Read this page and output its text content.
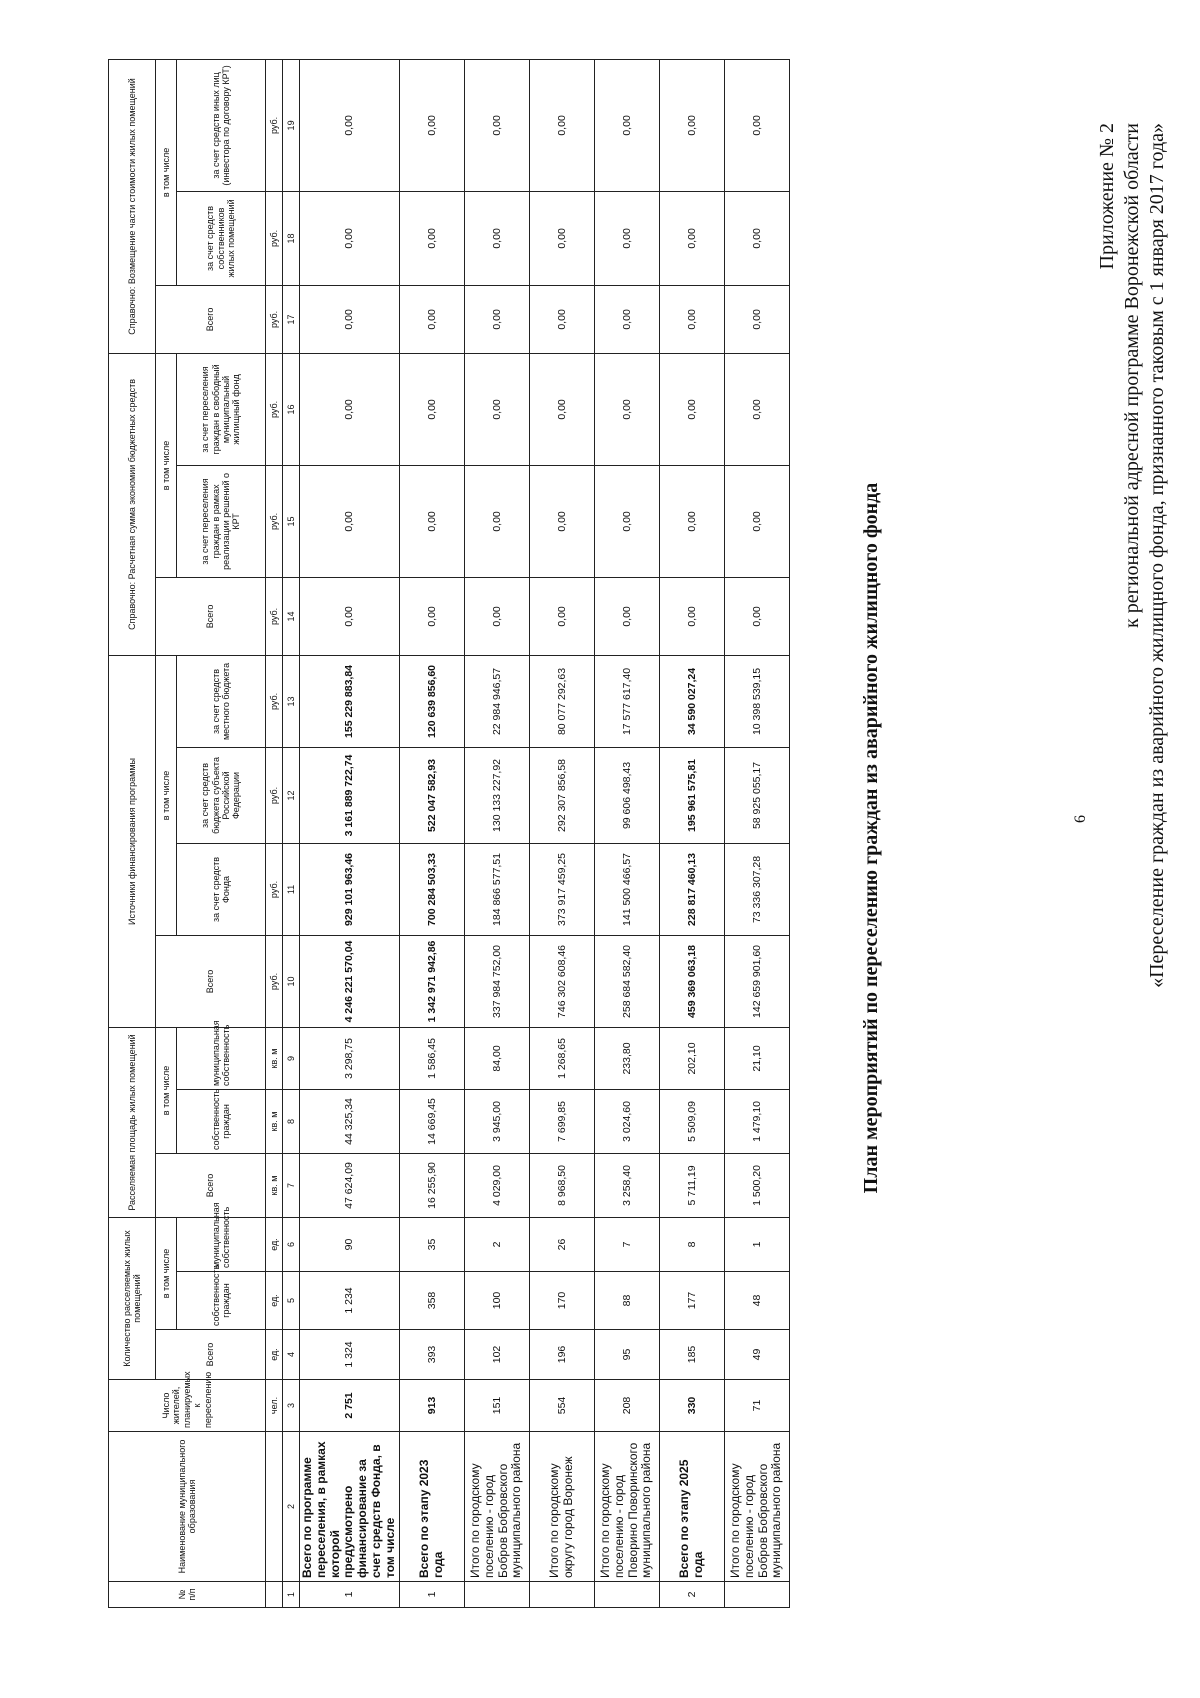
6
Приложение № 2 к региональной адресной программе Воронежской области «Переселение граждан из аварийного жилищного фонда, признанного таковым с 1 января 2017 года»
План мероприятий по переселению граждан из аварийного жилищного фонда
№ п/п	Наименование муниципального образования	Число жителей, планируемых к переселению	Количество расселяемых жилых помещений			Расселяемая площадь жилых помещений			Источники финансирования программы				Справочно: Расчетная сумма экономии бюджетных средств			Справочно: Возмещение части стоимости жилых помещений		
			Всего	в том числе		Всего	в том числе		Всего	в том числе			Всего	в том числе		Всего	в том числе	
				собственность граждан	муниципальная собственность		собственность граждан	муниципальная собственность		за счет средств Фонда	за счет средств бюджета субъекта Российской Федерации	за счет средств местного бюджета		за счет переселения граждан в рамках реализации решений о КРТ	за счет переселения граждан в свободный муниципальный жилищный фонд		за счет средств собственников жилых помещений	за счет средств иных лиц (инвестора по договору КРТ)
		чел.	ед.	ед.	ед.	кв. м	кв. м	кв. м	руб.	руб.	руб.	руб.	руб.	руб.	руб.	руб.	руб.	руб.
1	2	3	4	5	6	7	8	9	10	11	12	13	14	15	16	17	18	19
1	Всего по программе переселения, в рамках которой предусмотрено финансирование за счет средств Фонда, в том числе	2 751	1 324	1 234	90	47 624,09	44 325,34	3 298,75	4 246 221 570,04	929 101 963,46	3 161 889 722,74	155 229 883,84	0,00	0,00	0,00	0,00	0,00	0,00
1	Всего по этапу 2023 года	913	393	358	35	16 255,90	14 669,45	1 586,45	1 342 971 942,86	700 284 503,33	522 047 582,93	120 639 856,60	0,00	0,00	0,00	0,00	0,00	0,00
	Итого по городскому поселению - город Бобров Бобровского муниципального района	151	102	100	2	4 029,00	3 945,00	84,00	337 984 752,00	184 866 577,51	130 133 227,92	22 984 946,57	0,00	0,00	0,00	0,00	0,00	0,00
	Итого по городскому округу город Воронеж	554	196	170	26	8 968,50	7 699,85	1 268,65	746 302 608,46	373 917 459,25	292 307 856,58	80 077 292,63	0,00	0,00	0,00	0,00	0,00	0,00
	Итого по городскому поселению - город Поворино Поворинского муниципального района	208	95	88	7	3 258,40	3 024,60	233,80	258 684 582,40	141 500 466,57	99 606 498,43	17 577 617,40	0,00	0,00	0,00	0,00	0,00	0,00
2	Всего по этапу 2025 года	330	185	177	8	5 711,19	5 509,09	202,10	459 369 063,18	228 817 460,13	195 961 575,81	34 590 027,24	0,00	0,00	0,00	0,00	0,00	0,00
	Итого по городскому поселению - город Бобров Бобровского муниципального района	71	49	48	1	1 500,20	1 479,10	21,10	142 659 901,60	73 336 307,28	58 925 055,17	10 398 539,15	0,00	0,00	0,00	0,00	0,00	0,00
